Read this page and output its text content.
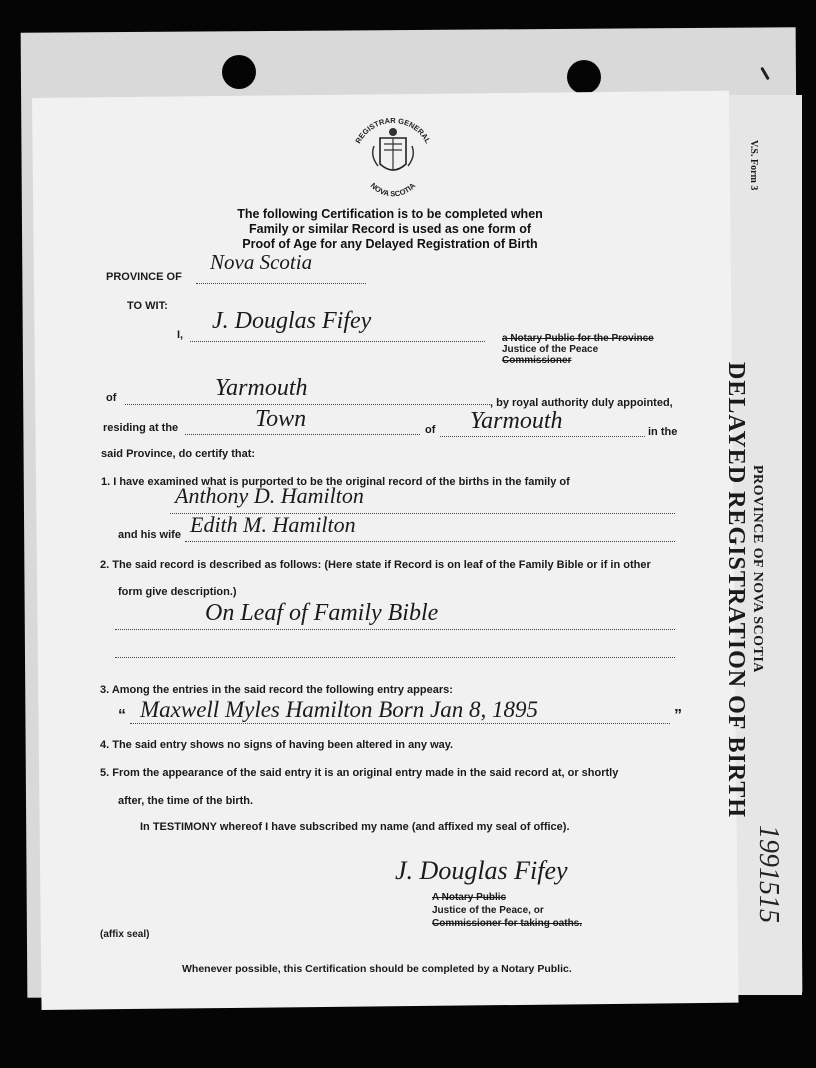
V.S. Form 3
PROVINCE OF NOVA SCOTIA
DELAYED REGISTRATION OF BIRTH
1991515
REGISTRAR GENERAL
NOVA SCOTIA
The following Certification is to be completed when
Family or similar Record is used as one form of
Proof of Age for any Delayed Registration of Birth
PROVINCE OF
Nova Scotia
TO WIT:
I,
J. Douglas Fifey
a Notary Public for the Province
Justice of the Peace
Commissioner
of	Yarmouth
, by royal authority duly appointed,
residing at the	Town	of Yarmouth	in the
said Province, do certify that:
1. I have examined what is purported to be the original record of the births in the family of
Anthony D. Hamilton
and his wife Edith M. Hamilton
2. The said record is described as follows: (Here state if Record is on leaf of the Family Bible or if in other
form give description.)
On Leaf of Family Bible
3. Among the entries in the said record the following entry appears:
“ Maxwell Myles Hamilton Born Jan 8, 1895	”
4. The said entry shows no signs of having been altered in any way.
5. From the appearance of the said entry it is an original entry made in the said record at, or shortly
after, the time of the birth.
In TESTIMONY whereof I have subscribed my name (and affixed my seal of office).
J. Douglas Fifey
A Notary Public
Justice of the Peace, or
Commissioner for taking oaths.
(affix seal)
Whenever possible, this Certification should be completed by a Notary Public.
